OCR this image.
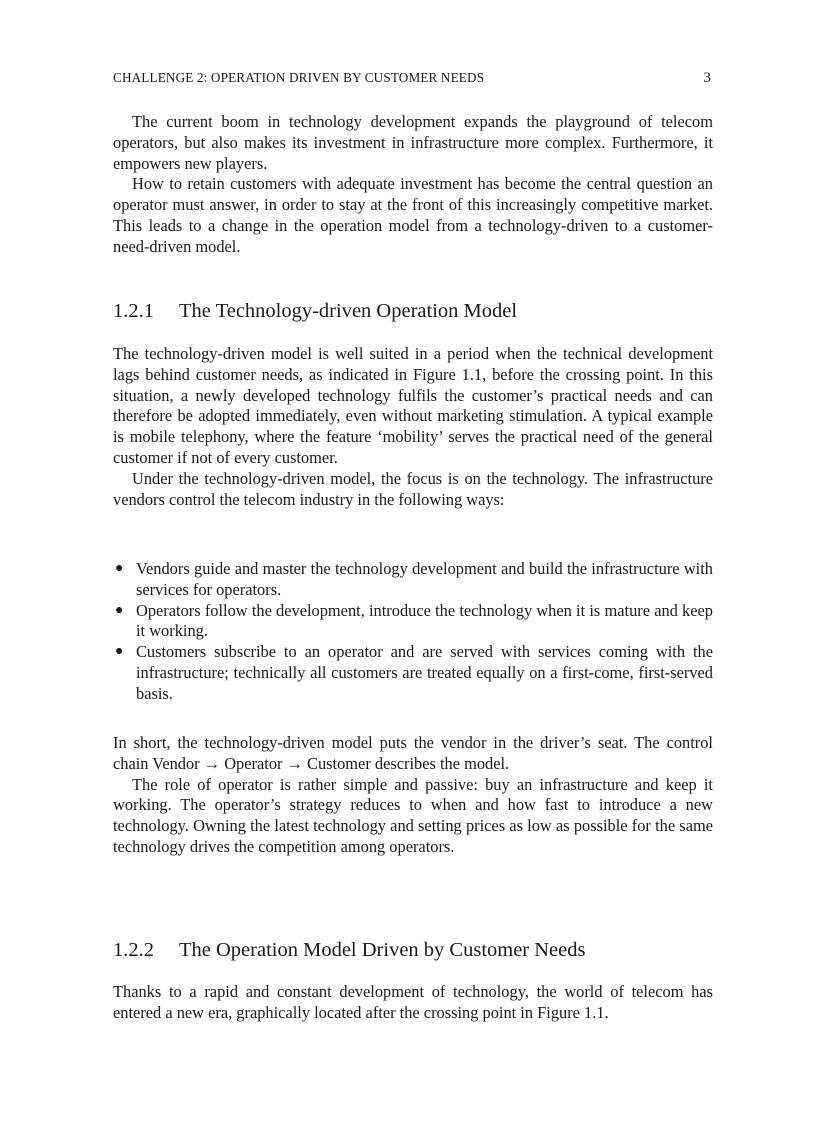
CHALLENGE 2: OPERATION DRIVEN BY CUSTOMER NEEDS	3

The current boom in technology development expands the playground of telecom operators, but also makes its investment in infrastructure more complex. Furthermore, it empowers new players.

How to retain customers with adequate investment has become the central question an operator must answer, in order to stay at the front of this increasingly competitive market. This leads to a change in the operation model from a technology-driven to a customer-need-driven model.

1.2.1 The Technology-driven Operation Model

The technology-driven model is well suited in a period when the technical development lags behind customer needs, as indicated in Figure 1.1, before the crossing point. In this situation, a newly developed technology fulfils the customer’s practical needs and can therefore be adopted immediately, even without marketing stimulation. A typical example is mobile telephony, where the feature ‘mobility’ serves the practical need of the general customer if not of every customer.

Under the technology-driven model, the focus is on the technology. The infrastructure vendors control the telecom industry in the following ways:

● Vendors guide and master the technology development and build the infrastructure with services for operators.
● Operators follow the development, introduce the technology when it is mature and keep it working.
● Customers subscribe to an operator and are served with services coming with the infrastructure; technically all customers are treated equally on a first-come, first-served basis.

In short, the technology-driven model puts the vendor in the driver’s seat. The control chain Vendor → Operator → Customer describes the model.

The role of operator is rather simple and passive: buy an infrastructure and keep it working. The operator’s strategy reduces to when and how fast to introduce a new technology. Owning the latest technology and setting prices as low as possible for the same technology drives the competition among operators.

1.2.2 The Operation Model Driven by Customer Needs

Thanks to a rapid and constant development of technology, the world of telecom has entered a new era, graphically located after the crossing point in Figure 1.1.
